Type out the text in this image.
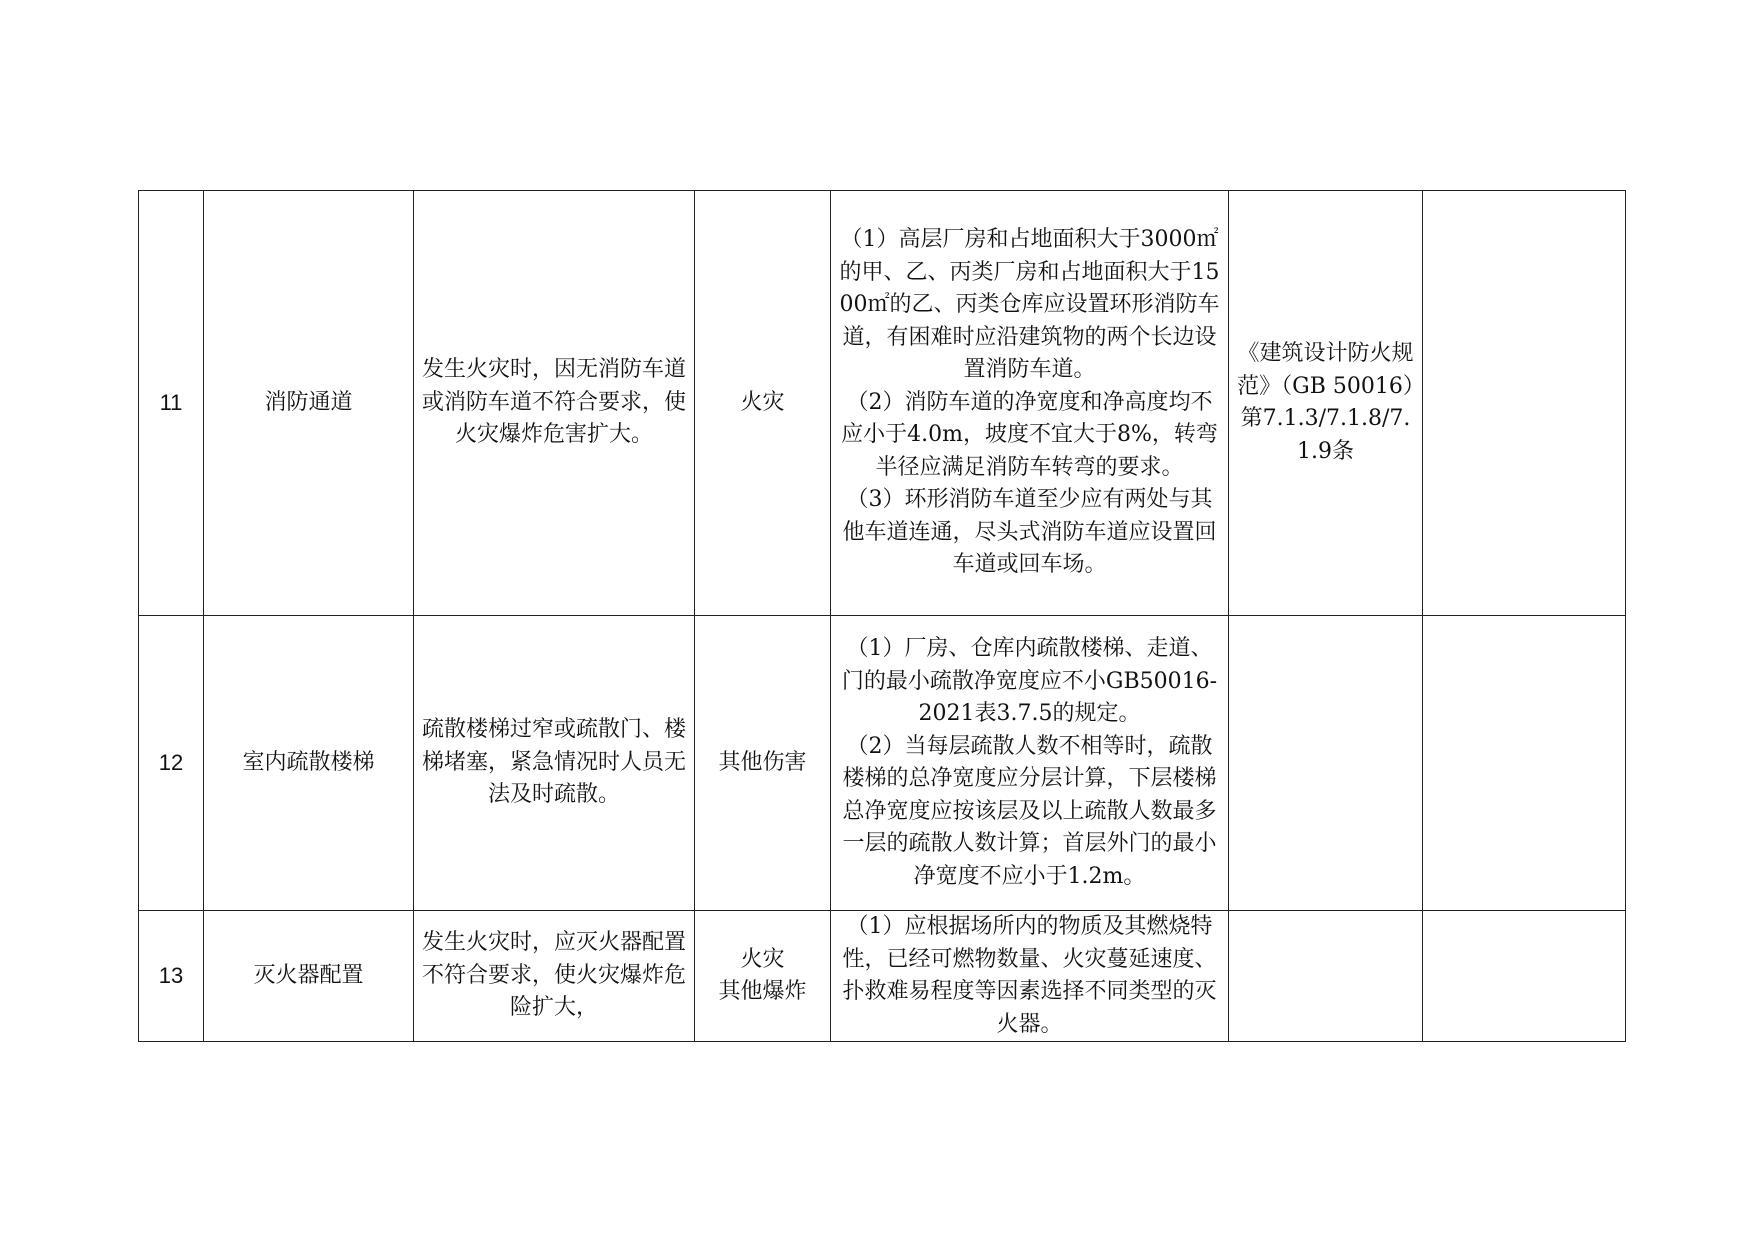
11	消防通道	发生火灾时，因无消防车道或消防车道不符合要求，使火灾爆炸危害扩大。	火灾	（1）高层厂房和占地面积大于3000㎡的甲、乙、丙类厂房和占地面积大于1500㎡的乙、丙类仓库应设置环形消防车道，有困难时应沿建筑物的两个长边设置消防车道。
（2）消防车道的净宽度和净高度均不应小于4.0m，坡度不宜大于8%，转弯半径应满足消防车转弯的要求。
（3）环形消防车道至少应有两处与其他车道连通，尽头式消防车道应设置回车道或回车场。	《建筑设计防火规范》（GB 50016）第7.1.3/7.1.8/7.1.9条	
12	室内疏散楼梯	疏散楼梯过窄或疏散门、楼梯堵塞，紧急情况时人员无法及时疏散。	其他伤害	（1）厂房、仓库内疏散楼梯、走道、门的最小疏散净宽度应不小GB50016-2021表3.7.5的规定。
（2）当每层疏散人数不相等时，疏散楼梯的总净宽度应分层计算，下层楼梯总净宽度应按该层及以上疏散人数最多一层的疏散人数计算；首层外门的最小净宽度不应小于1.2m。		

13	灭火器配置	发生火灾时，应灭火器配置不符合要求，使火灾爆炸危险扩大，	火灾
其他爆炸	（1）应根据场所内的物质及其燃烧特性，已经可燃物数量、火灾蔓延速度、扑救难易程度等因素选择不同类型的灭火器。		
